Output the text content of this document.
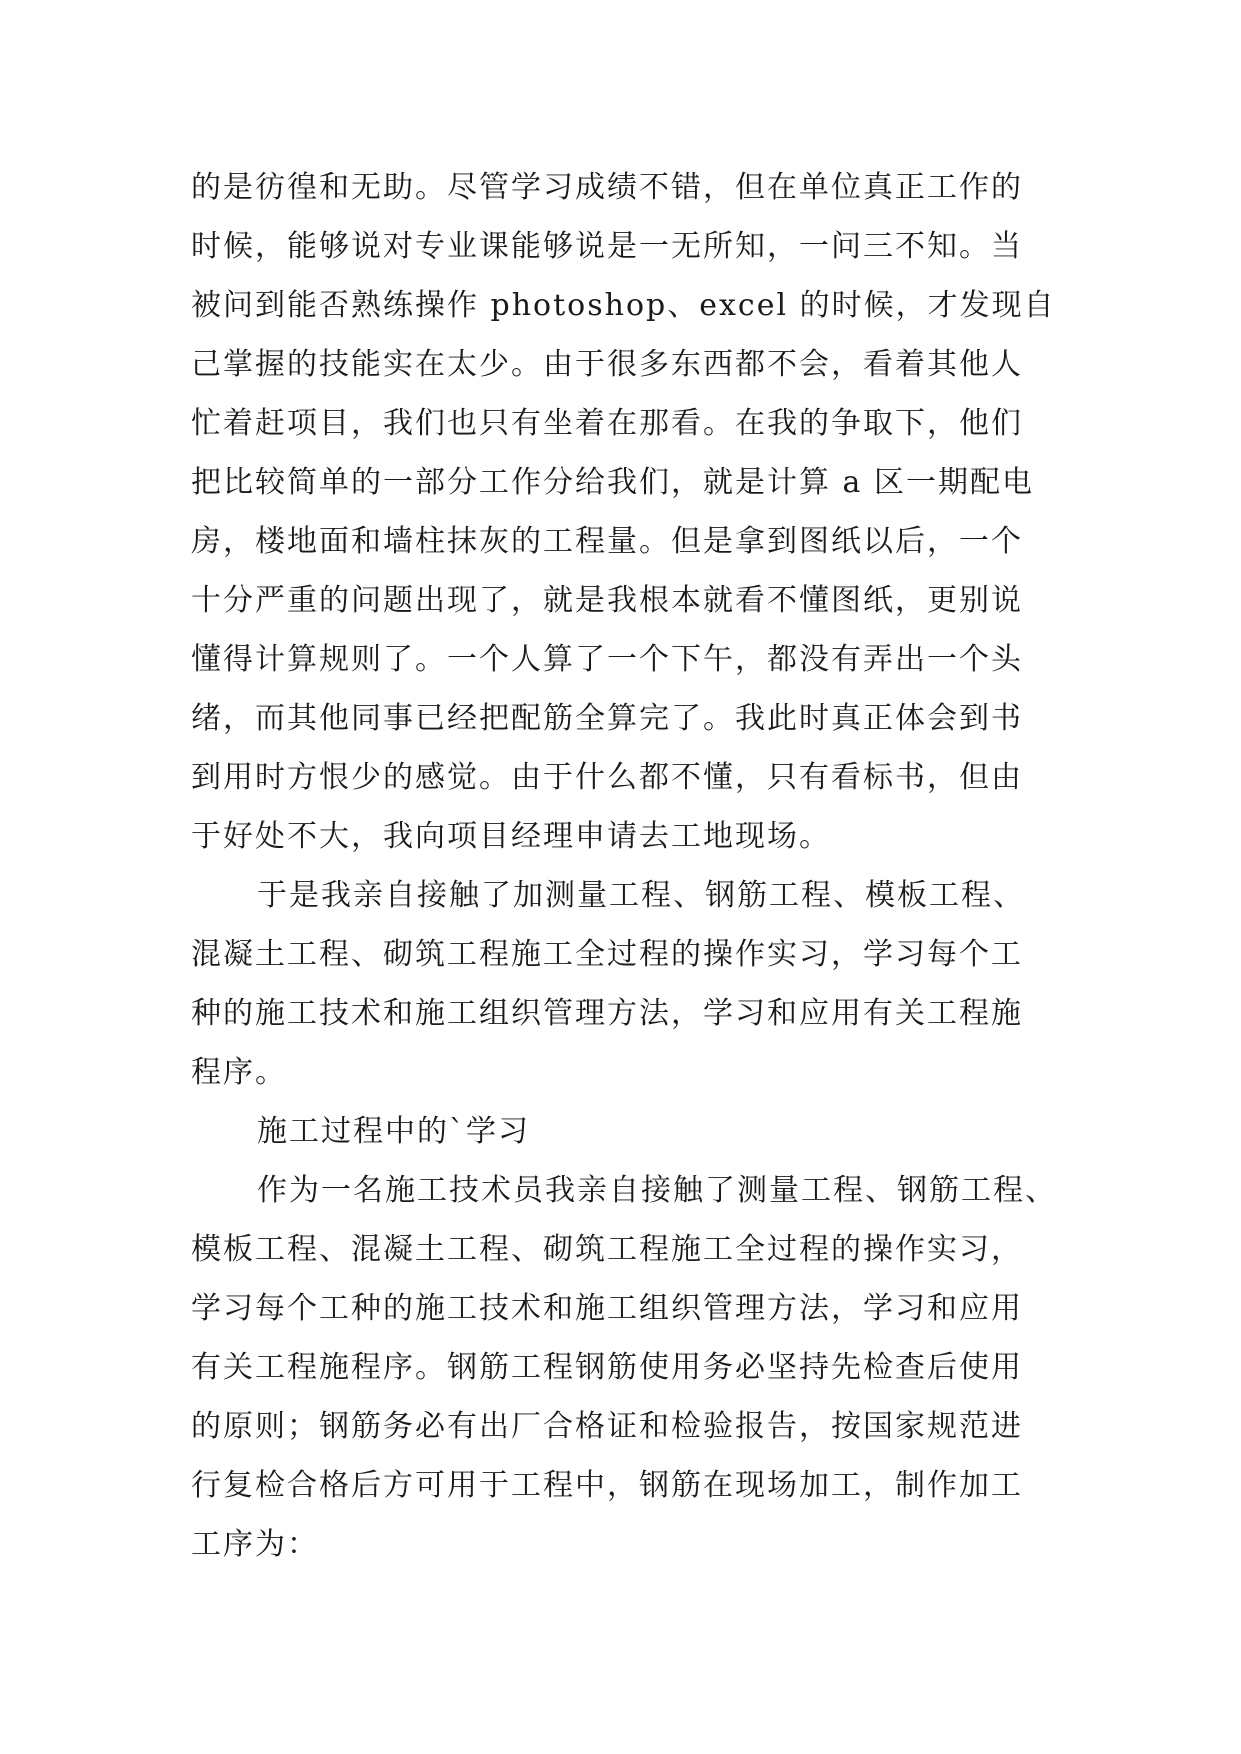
的是彷徨和无助。尽管学习成绩不错，但在单位真正工作的
时候，能够说对专业课能够说是一无所知，一问三不知。当
被问到能否熟练操作 photoshop、excel 的时候，才发现自
己掌握的技能实在太少。由于很多东西都不会，看着其他人
忙着赶项目，我们也只有坐着在那看。在我的争取下，他们
把比较简单的一部分工作分给我们，就是计算 a 区一期配电
房，楼地面和墙柱抹灰的工程量。但是拿到图纸以后，一个
十分严重的问题出现了，就是我根本就看不懂图纸，更别说
懂得计算规则了。一个人算了一个下午，都没有弄出一个头
绪，而其他同事已经把配筋全算完了。我此时真正体会到书
到用时方恨少的感觉。由于什么都不懂，只有看标书，但由
于好处不大，我向项目经理申请去工地现场。

于是我亲自接触了加测量工程、钢筋工程、模板工程、
混凝土工程、砌筑工程施工全过程的操作实习，学习每个工
种的施工技术和施工组织管理方法，学习和应用有关工程施
程序。

施工过程中的`学习

作为一名施工技术员我亲自接触了测量工程、钢筋工程、
模板工程、混凝土工程、砌筑工程施工全过程的操作实习，
学习每个工种的施工技术和施工组织管理方法，学习和应用
有关工程施程序。钢筋工程钢筋使用务必坚持先检查后使用
的原则；钢筋务必有出厂合格证和检验报告，按国家规范进
行复检合格后方可用于工程中，钢筋在现场加工，制作加工
工序为：
